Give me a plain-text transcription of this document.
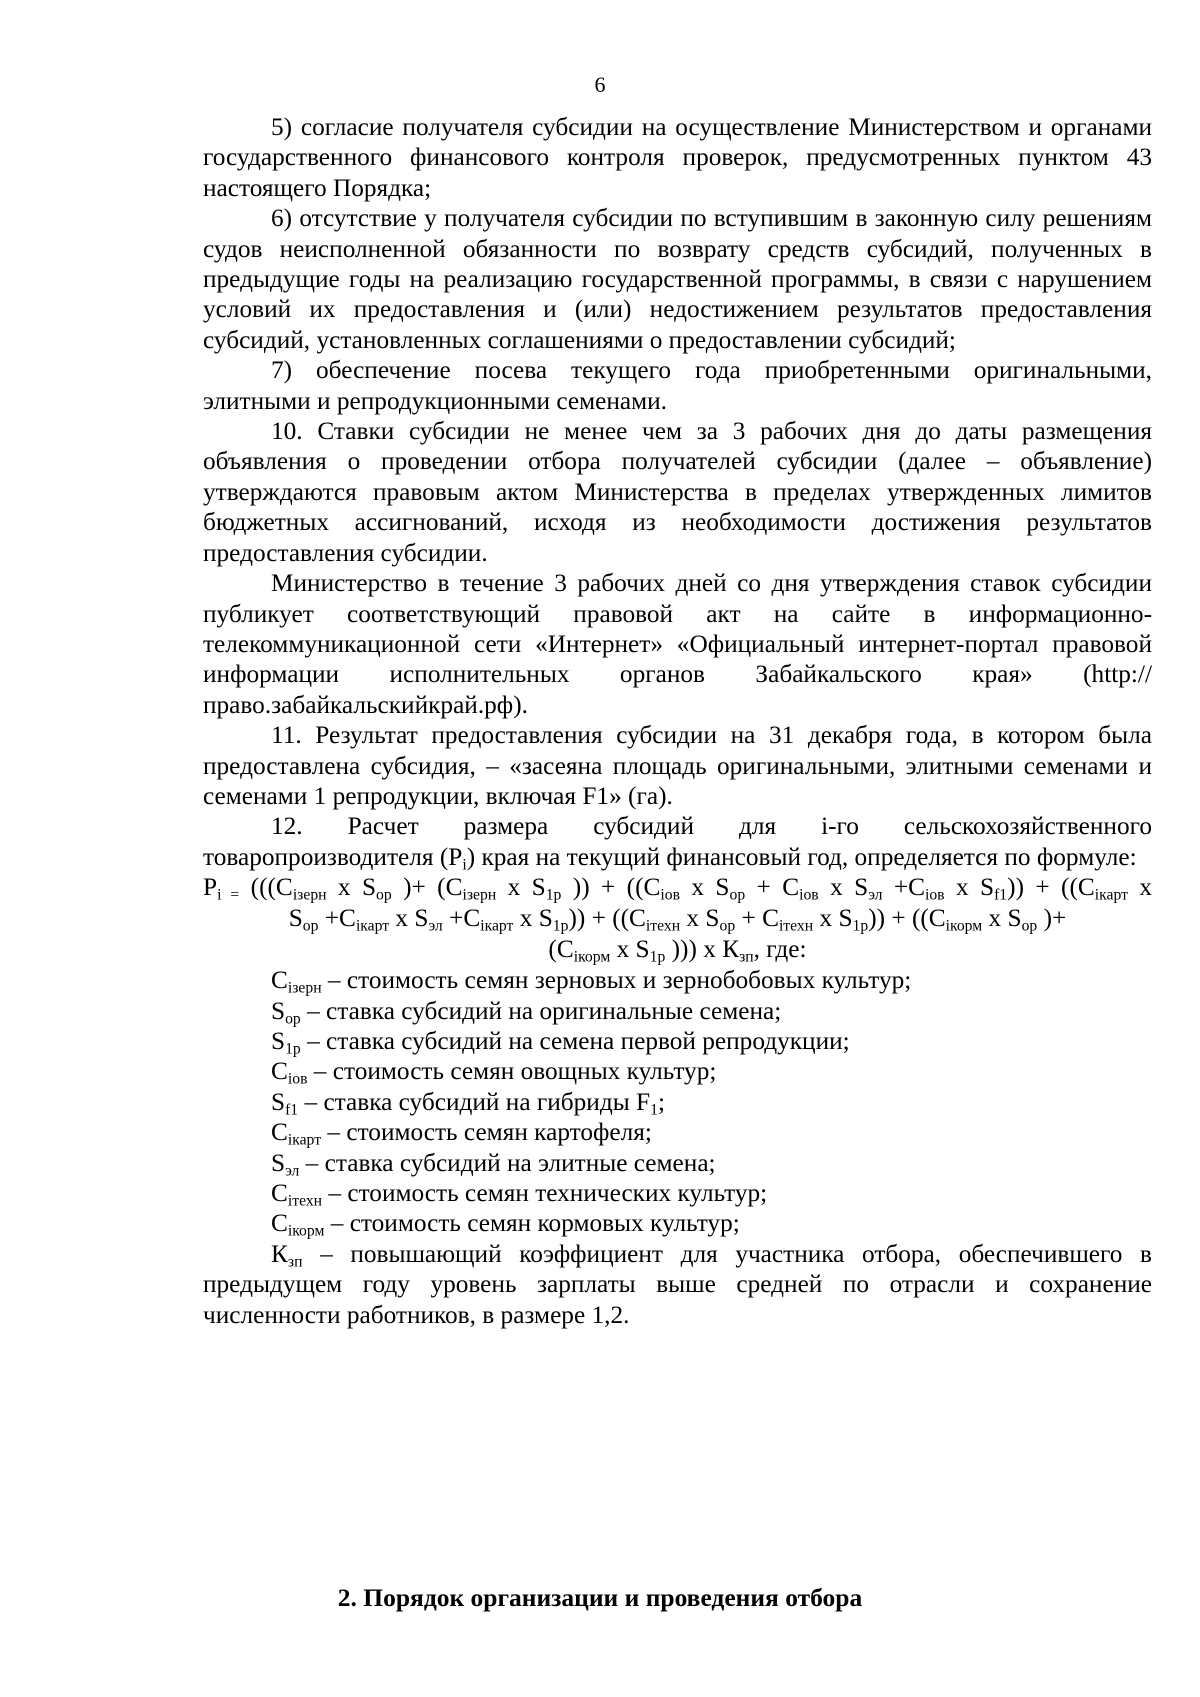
6

5) согласие получателя субсидии на осуществление Министерством и органами государственного финансового контроля проверок, предусмотренных пунктом 43 настоящего Порядка;

6) отсутствие у получателя субсидии по вступившим в законную силу решениям судов неисполненной обязанности по возврату средств субсидий, полученных в предыдущие годы на реализацию государственной программы, в связи с нарушением условий их предоставления и (или) недостижением результатов предоставления субсидий, установленных соглашениями о предоставлении субсидий;

7) обеспечение посева текущего года приобретенными оригинальными, элитными и репродукционными семенами.

10. Ставки субсидии не менее чем за 3 рабочих дня до даты размещения объявления о проведении отбора получателей субсидии (далее – объявление) утверждаются правовым актом Министерства в пределах утвержденных лимитов бюджетных ассигнований, исходя из необходимости достижения результатов предоставления субсидии.

Министерство в течение 3 рабочих дней со дня утверждения ставок субсидии публикует соответствующий правовой акт на сайте в информационно-телекоммуникационной сети «Интернет» «Официальный интернет-портал правовой информации исполнительных органов Забайкальского края» (http://право.забайкальскийкрай.рф).

11. Результат предоставления субсидии на 31 декабря года, в котором была предоставлена субсидия, – «засеяна площадь оригинальными, элитными семенами и семенами 1 репродукции, включая F1» (га).

12. Расчет размера субсидий для i-го сельскохозяйственного товаропроизводителя $(P_i)$ края на текущий финансовый год, определяется по формуле:

$P_{i =}$ ((($C_{iзерн}$ x $S_{ор}$ )+ ($C_{iзерн}$ x $S_{1р}$ )) + (($C_{iов}$ x $S_{ор} + C_{iов}$ x $S_{эл} +C_{iов}$ x $S_{f1})) + ((C_{iкарт}$ x
$S_{ор} +C_{iкарт}$ x $S_{эл} +C_{iкарт}$ x $S_{1р})) + ((C_{iтехн}$ x $S_{ор} + C_{iтехн}$ x $S_{1р})) + ((C_{iкорм}$ x $S_{ор}$ )+
($C_{iкорм}$ x $S_{1р}$ ))) x $К_{зп}$, где:

$C_{iзерн}$ – стоимость семян зерновых и зернобобовых культур;

$S_{ор}$ – ставка субсидий на оригинальные семена;

$S_{1р}$ – ставка субсидий на семена первой репродукции;

$C_{iов}$ – стоимость семян овощных культур;

$S_{f1}$ – ставка субсидий на гибриды $F_1$;

$C_{iкарт}$ – стоимость семян картофеля;

$S_{эл}$ – ставка субсидий на элитные семена;

$C_{iтехн}$ – стоимость семян технических культур;

$C_{iкорм}$ – стоимость семян кормовых культур;

$К_{зп}$ – повышающий коэффициент для участника отбора, обеспечившего в предыдущем году уровень зарплаты выше средней по отрасли и сохранение численности работников, в размере 1,2.

2. Порядок организации и проведения отбора
